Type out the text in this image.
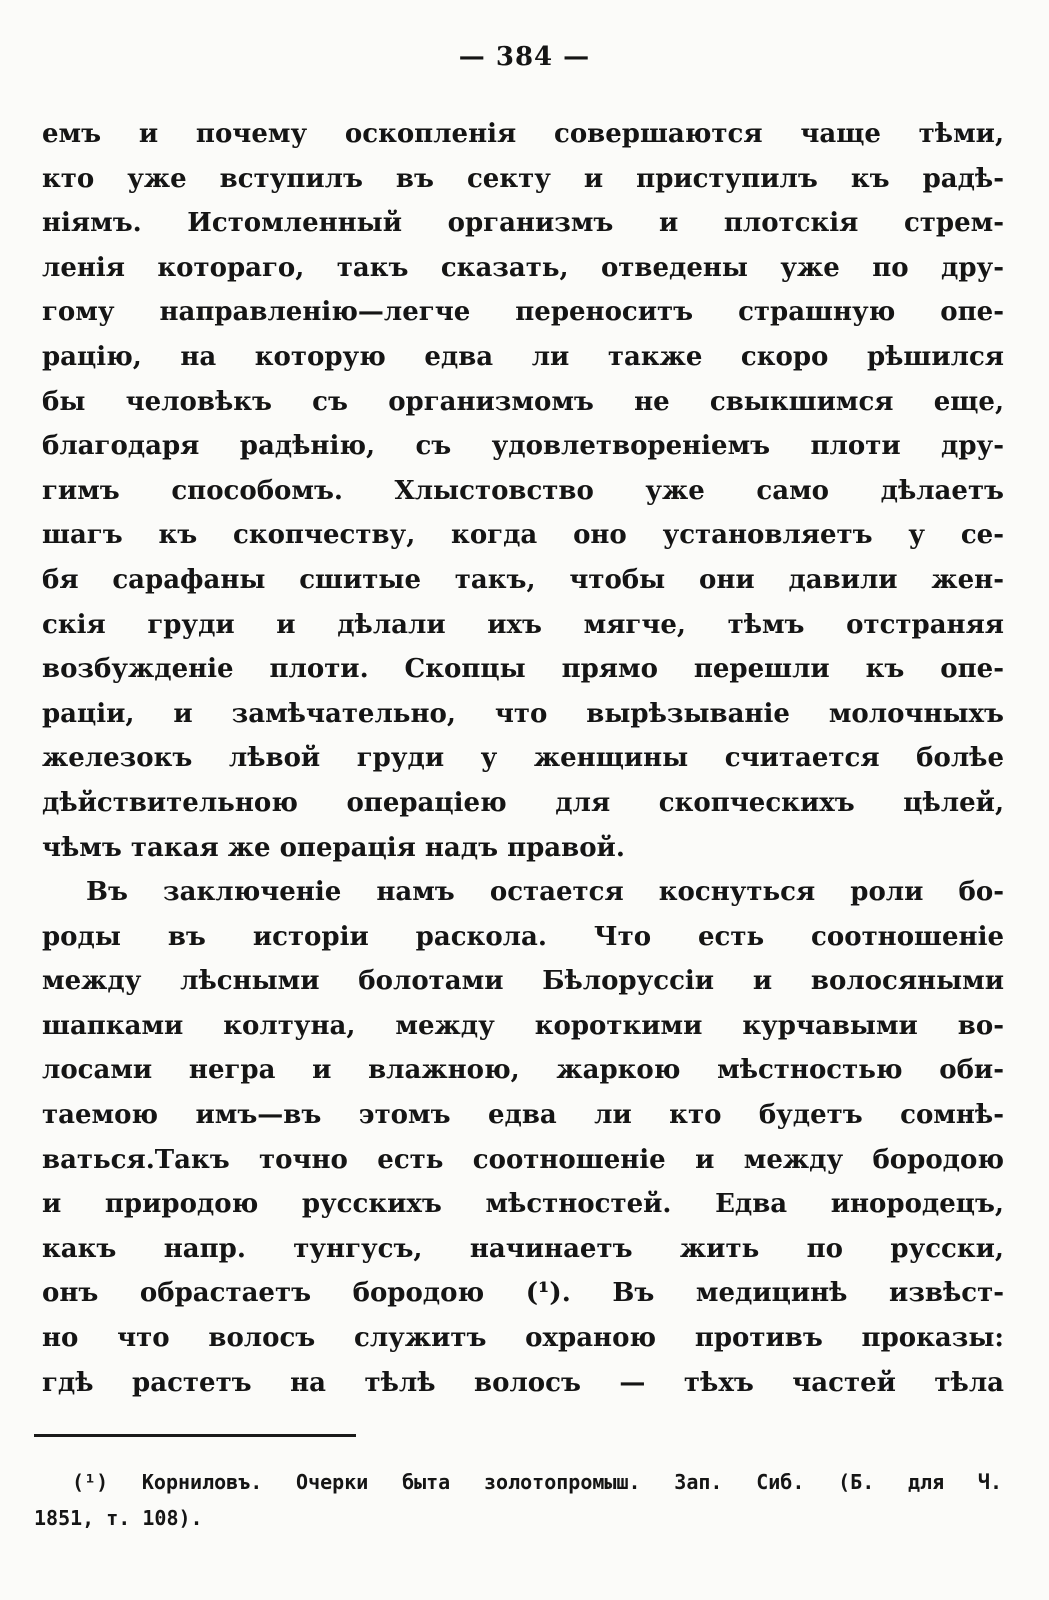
— 384 —
емъ и почему оскопленія совершаются чаще тѣми,
кто уже вступилъ въ секту и приступилъ къ радѣ-
ніямъ. Истомленный организмъ и плотскія стрем-
ленія котораго, такъ сказать, отведены уже по дру-
гому направленію—легче переноситъ страшную опе-
рацію, на которую едва ли также скоро рѣшился
бы человѣкъ съ организмомъ не свыкшимся еще,
благодаря радѣнію, съ удовлетвореніемъ плоти дру-
гимъ способомъ. Хлыстовство уже само дѣлаетъ
шагъ къ скопчеству, когда оно установляетъ у се-
бя сарафаны сшитые такъ, чтобы они давили жен-
скія груди и дѣлали ихъ мягче, тѣмъ отстраняя
возбужденіе плоти. Скопцы прямо перешли къ опе-
раціи, и замѣчательно, что вырѣзываніе молочныхъ
железокъ лѣвой груди у женщины считается болѣе
дѣйствительною операціею для скопческихъ цѣлей,
чѣмъ такая же операція надъ правой.
Въ заключеніе намъ остается коснуться роли бо-
роды въ исторіи раскола. Что есть соотношеніе
между лѣсными болотами Бѣлоруссіи и волосяными
шапками колтуна, между короткими курчавыми во-
лосами негра и влажною, жаркою мѣстностью оби-
таемою имъ—въ этомъ едва ли кто будетъ сомнѣ-
ваться.Такъ точно есть соотношеніе и между бородою
и природою русскихъ мѣстностей. Едва инородецъ,
какъ напр. тунгусъ, начинаетъ жить по русски,
онъ обрастаетъ бородою (¹). Въ медицинѣ извѣст-
но что волосъ служитъ охраною противъ проказы:
гдѣ растетъ на тѣлѣ волосъ — тѣхъ частей тѣла
(¹) Корниловъ. Очерки быта золотопромыш. Зап. Сиб. (Б. для Ч.
1851, т. 108).
